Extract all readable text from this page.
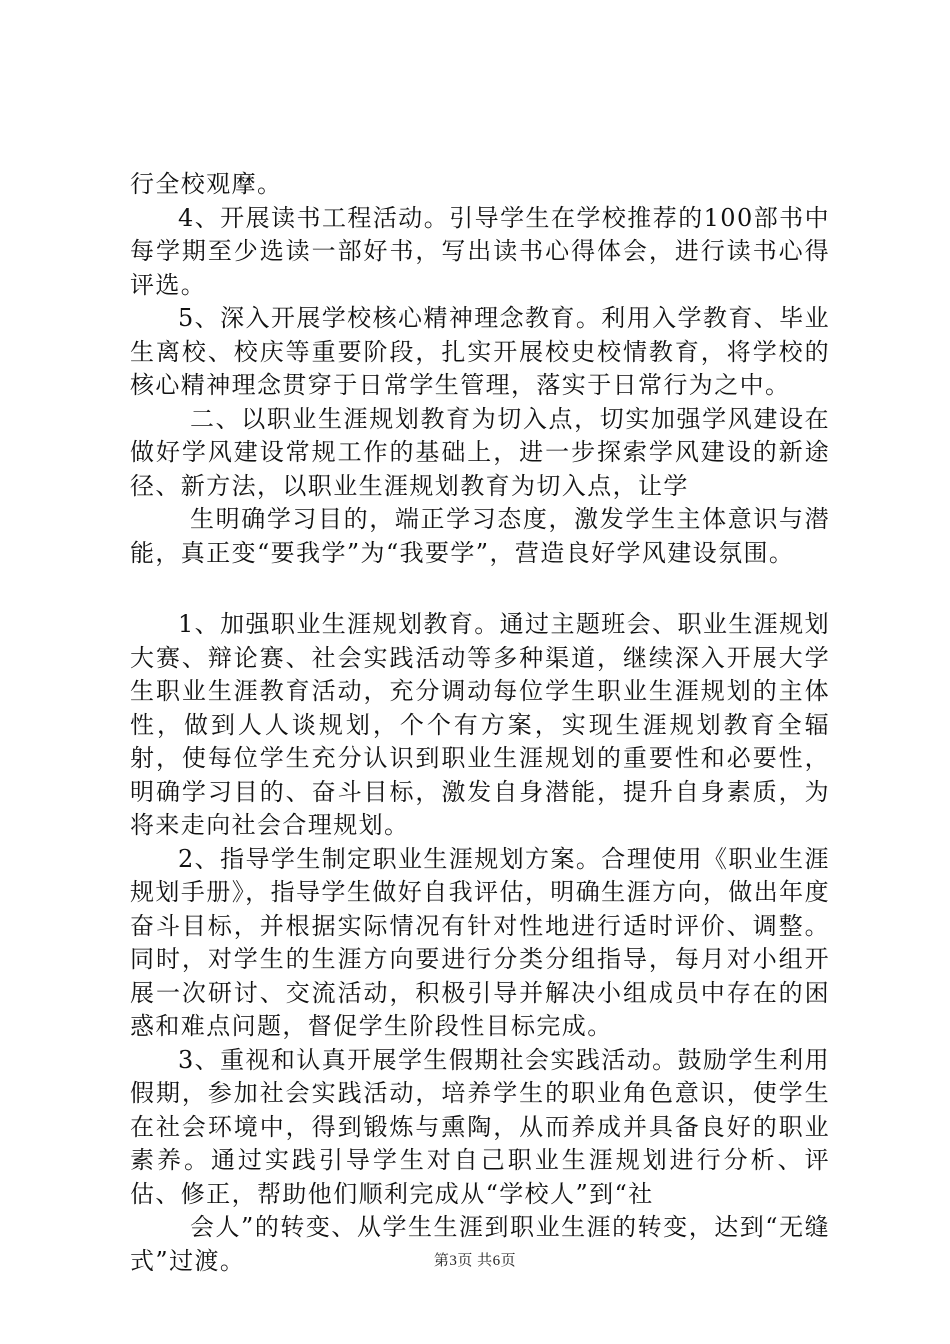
行全校观摩。

4、开展读书工程活动。引导学生在学校推荐的100部书中每学期至少选读一部好书，写出读书心得体会，进行读书心得评选。

5、深入开展学校核心精神理念教育。利用入学教育、毕业生离校、校庆等重要阶段，扎实开展校史校情教育，将学校的核心精神理念贯穿于日常学生管理，落实于日常行为之中。

二、以职业生涯规划教育为切入点，切实加强学风建设在做好学风建设常规工作的基础上，进一步探索学风建设的新途径、新方法，以职业生涯规划教育为切入点，让学

生明确学习目的，端正学习态度，激发学生主体意识与潜能，真正变“要我学”为“我要学”，营造良好学风建设氛围。

1、加强职业生涯规划教育。通过主题班会、职业生涯规划大赛、辩论赛、社会实践活动等多种渠道，继续深入开展大学生职业生涯教育活动，充分调动每位学生职业生涯规划的主体性，做到人人谈规划，个个有方案，实现生涯规划教育全辐射，使每位学生充分认识到职业生涯规划的重要性和必要性，明确学习目的、奋斗目标，激发自身潜能，提升自身素质，为将来走向社会合理规划。

2、指导学生制定职业生涯规划方案。合理使用《职业生涯规划手册》，指导学生做好自我评估，明确生涯方向，做出年度奋斗目标，并根据实际情况有针对性地进行适时评价、调整。同时，对学生的生涯方向要进行分类分组指导，每月对小组开展一次研讨、交流活动，积极引导并解决小组成员中存在的困惑和难点问题，督促学生阶段性目标完成。

3、重视和认真开展学生假期社会实践活动。鼓励学生利用假期，参加社会实践活动，培养学生的职业角色意识，使学生在社会环境中，得到锻炼与熏陶，从而养成并具备良好的职业素养。通过实践引导学生对自己职业生涯规划进行分析、评估、修正，帮助他们顺利完成从“学校人”到“社

会人”的转变、从学生生涯到职业生涯的转变，达到“无缝式”过渡。	第3页 共6页
